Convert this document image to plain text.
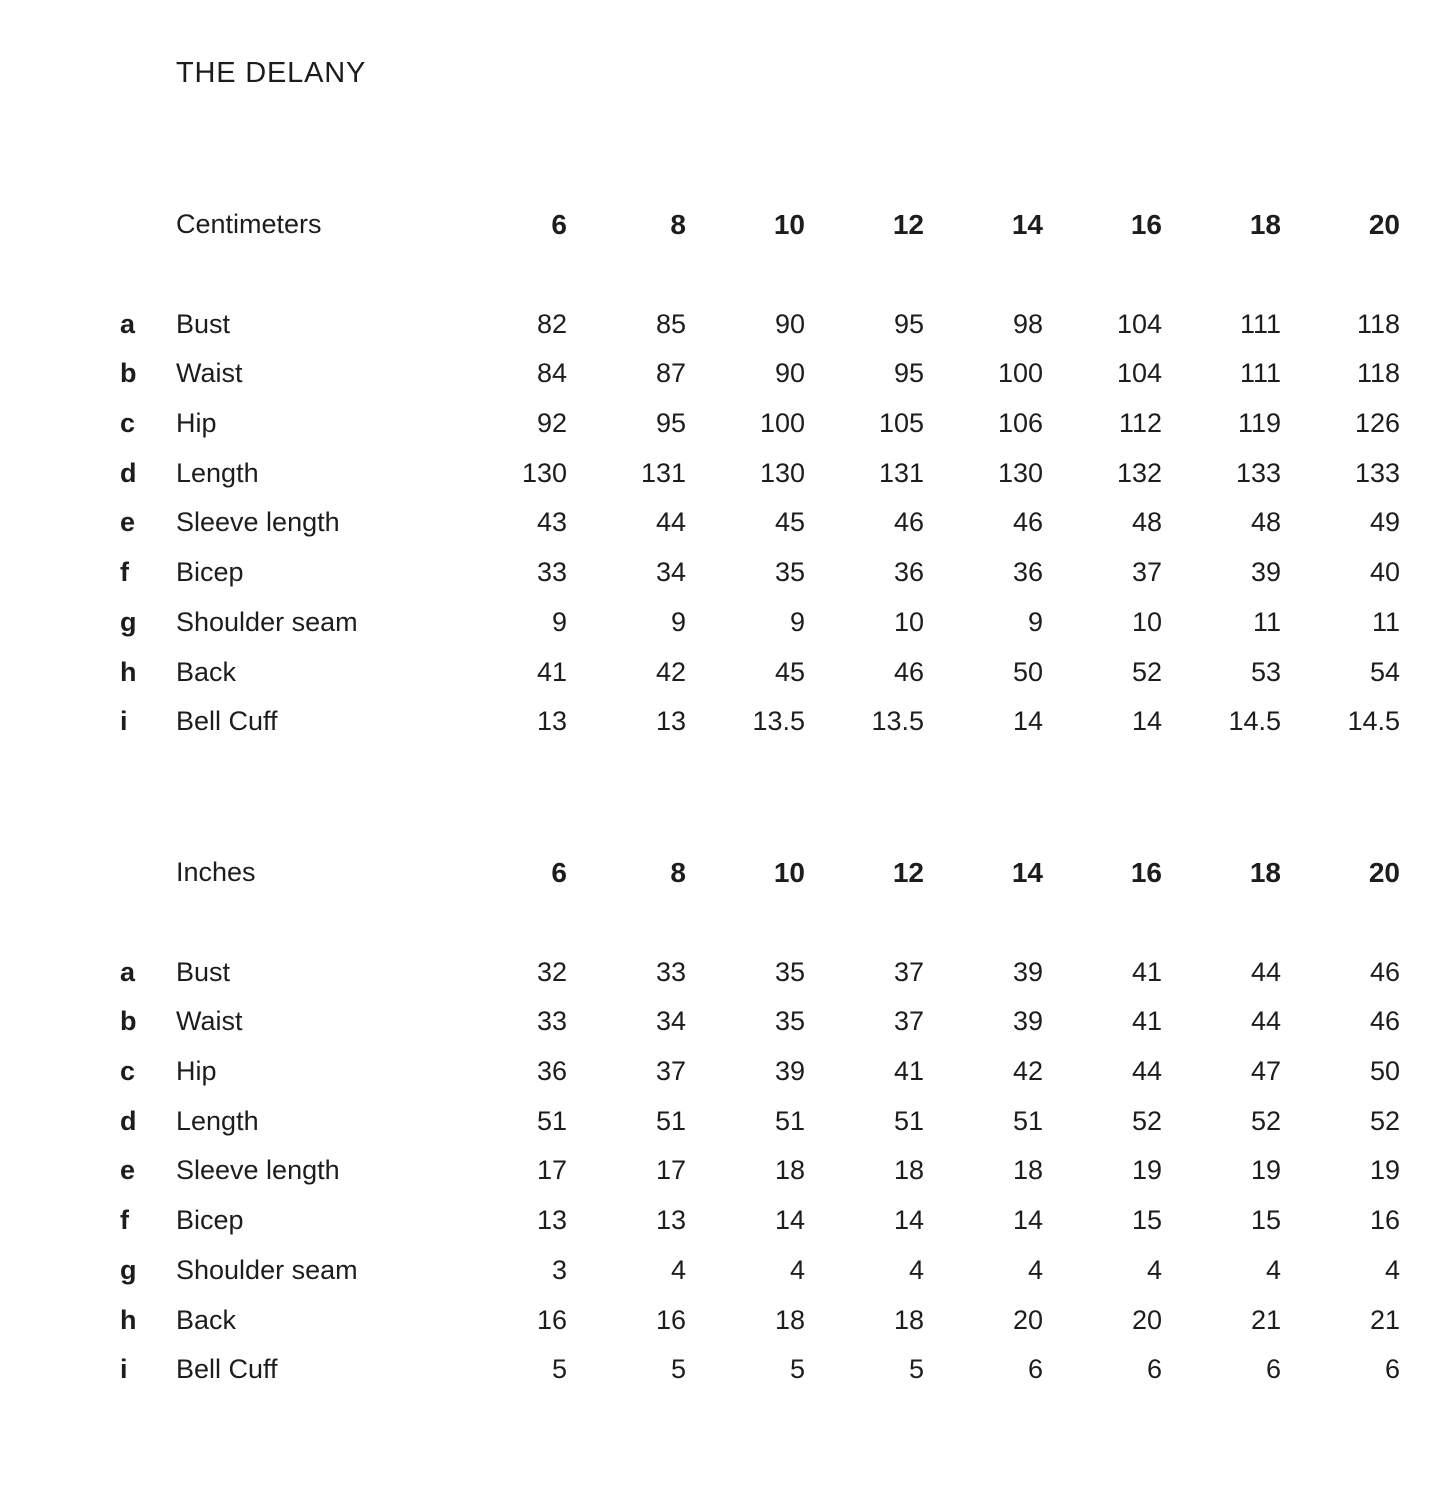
THE DELANY
Centimeters	6	8	10	12	14	16	18	20
a	Bust	82	85	90	95	98	104	111	118
b	Waist	84	87	90	95	100	104	111	118
c	Hip	92	95	100	105	106	112	119	126
d	Length	130	131	130	131	130	132	133	133
e	Sleeve length	43	44	45	46	46	48	48	49
f	Bicep	33	34	35	36	36	37	39	40
g	Shoulder seam	9	9	9	10	9	10	11	11
h	Back	41	42	45	46	50	52	53	54
i	Bell Cuff	13	13	13.5	13.5	14	14	14.5	14.5
Inches	6	8	10	12	14	16	18	20
a	Bust	32	33	35	37	39	41	44	46
b	Waist	33	34	35	37	39	41	44	46
c	Hip	36	37	39	41	42	44	47	50
d	Length	51	51	51	51	51	52	52	52
e	Sleeve length	17	17	18	18	18	19	19	19
f	Bicep	13	13	14	14	14	15	15	16
g	Shoulder seam	3	4	4	4	4	4	4	4
h	Back	16	16	18	18	20	20	21	21
i	Bell Cuff	5	5	5	5	6	6	6	6
